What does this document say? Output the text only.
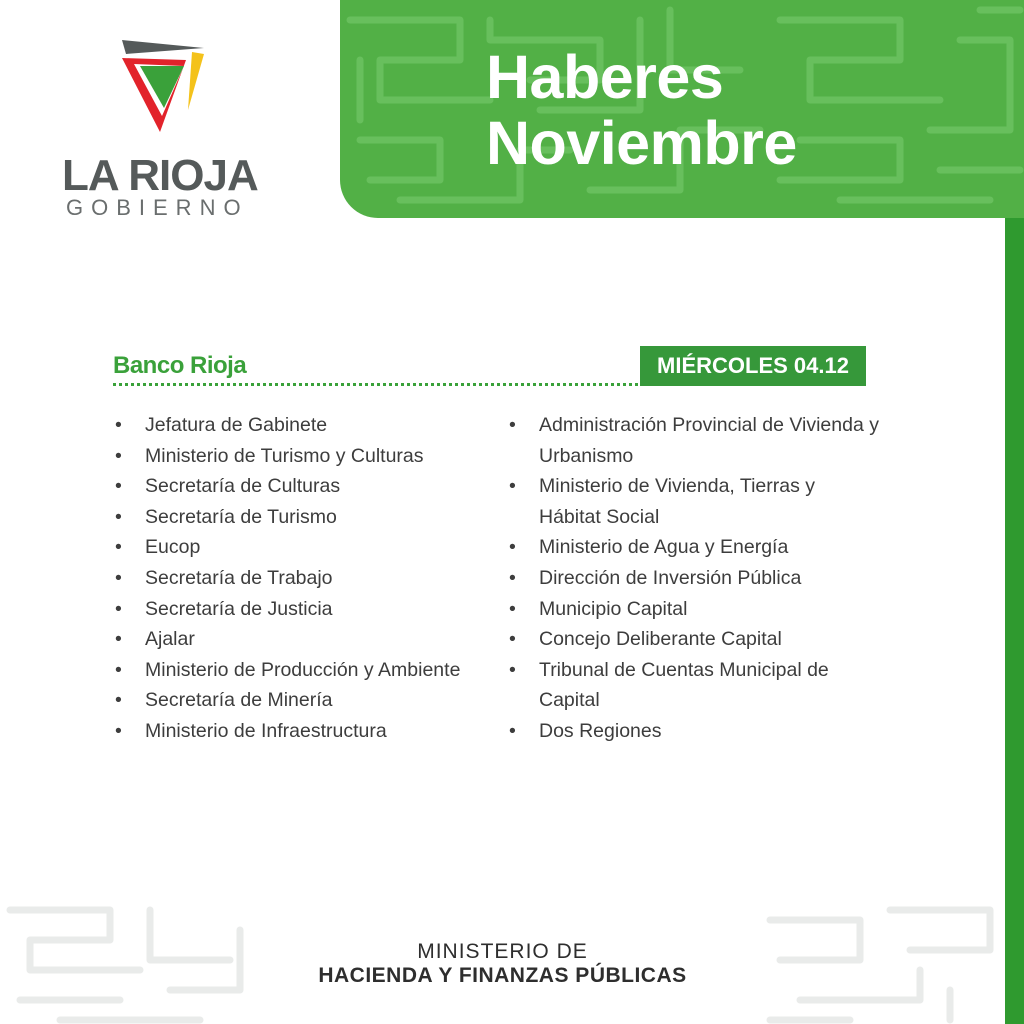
Haberes
Noviembre

LA RIOJA

GOBIERNO

Banco Rioja	MIÉRCOLES 04.12
• Jefatura de Gabinete
• Ministerio de Turismo y Culturas
• Secretaría de Culturas
• Secretaría de Turismo
• Eucop
• Secretaría de Trabajo
• Secretaría de Justicia
• Ajalar
• Ministerio de Producción y Ambiente
• Secretaría de Minería
• Ministerio de Infraestructura
• Administración Provincial de Vivienda y Urbanismo
• Ministerio de Vivienda, Tierras y Hábitat Social
• Ministerio de Agua y Energía
• Dirección de Inversión Pública
• Municipio Capital
• Concejo Deliberante Capital
• Tribunal de Cuentas Municipal de Capital
• Dos Regiones
MINISTERIO DE
HACIENDA Y FINANZAS PÚBLICAS
